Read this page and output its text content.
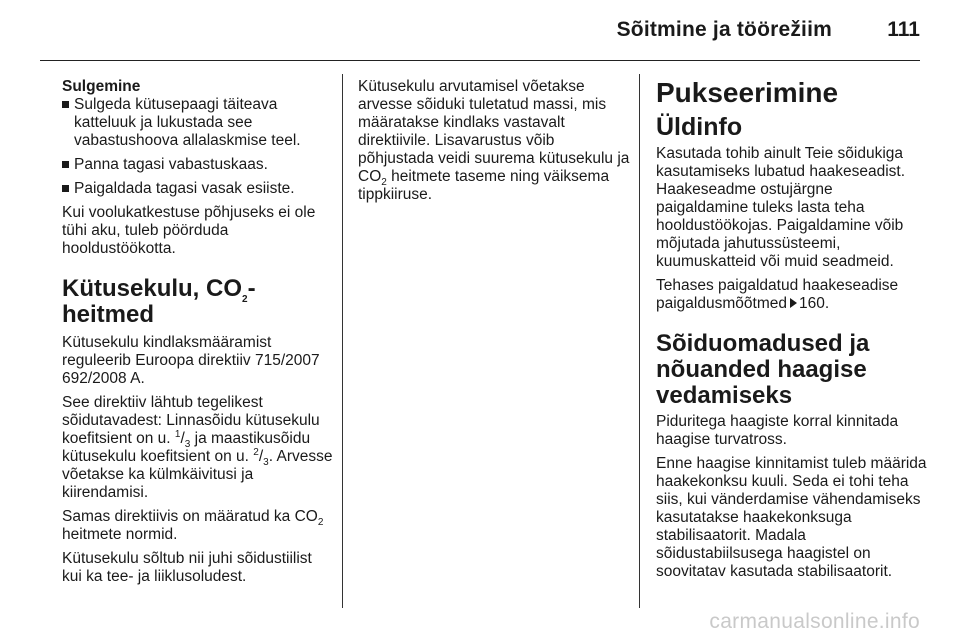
Sõitmine ja töörežiim	111

Sulgemine

Sulgeda kütusepaagi täiteava katteluuk ja lukustada see vabastushoova allalaskmise teel.
Panna tagasi vabastuskaas.
Paigaldada tagasi vasak esiiste.

Kui voolukatkestuse põhjuseks ei ole tühi aku, tuleb pöörduda hooldustöökotta.

Kütusekulu, $CO_2$-heitmed

Kütusekulu kindlaksmääramist reguleerib Euroopa direktiiv 715/2007 692/2008 A.

See direktiiv lähtub tegelikest sõidutavadest: Linnasõidu kütusekulu koefitsient on u. $^1/_3$ ja maastikusõidu kütusekulu koefitsient on u. $^2/_3$. Arvesse võetakse ka külmkäivitusi ja kiirendamisi.

Samas direktiivis on määratud ka $CO_2$ heitmete normid.

Kütusekulu sõltub nii juhi sõidustiilist kui ka tee- ja liiklusoludest.

Kütusekulu arvutamisel võetakse arvesse sõiduki tuletatud massi, mis määratakse kindlaks vastavalt direktiivile. Lisavarustus võib põhjustada veidi suurema kütusekulu ja $CO_2$ heitmete taseme ning väiksema tippkiiruse.

Pukseerimine
Üldinfo

Kasutada tohib ainult Teie sõidukiga kasutamiseks lubatud haakeseadist. Haakeseadme ostujärgne paigaldamine tuleks lasta teha hooldustöökojas. Paigaldamine võib mõjutada jahutussüsteemi, kuumuskatteid või muid seadmeid.

Tehases paigaldatud haakeseadise paigaldusmõõtmed 160.

Sõiduomadused ja
nõuanded haagise
vedamiseks

Piduritega haagiste korral kinnitada haagise turvatross.

Enne haagise kinnitamist tuleb määrida haakekonksu kuuli. Seda ei tohi teha siis, kui vänderdamise vähendamiseks kasutatakse haakekonksuga stabilisaatorit. Madala sõidustabiilsusega haagistel on soovitatav kasutada stabilisaatorit.

carmanualsonline.info
